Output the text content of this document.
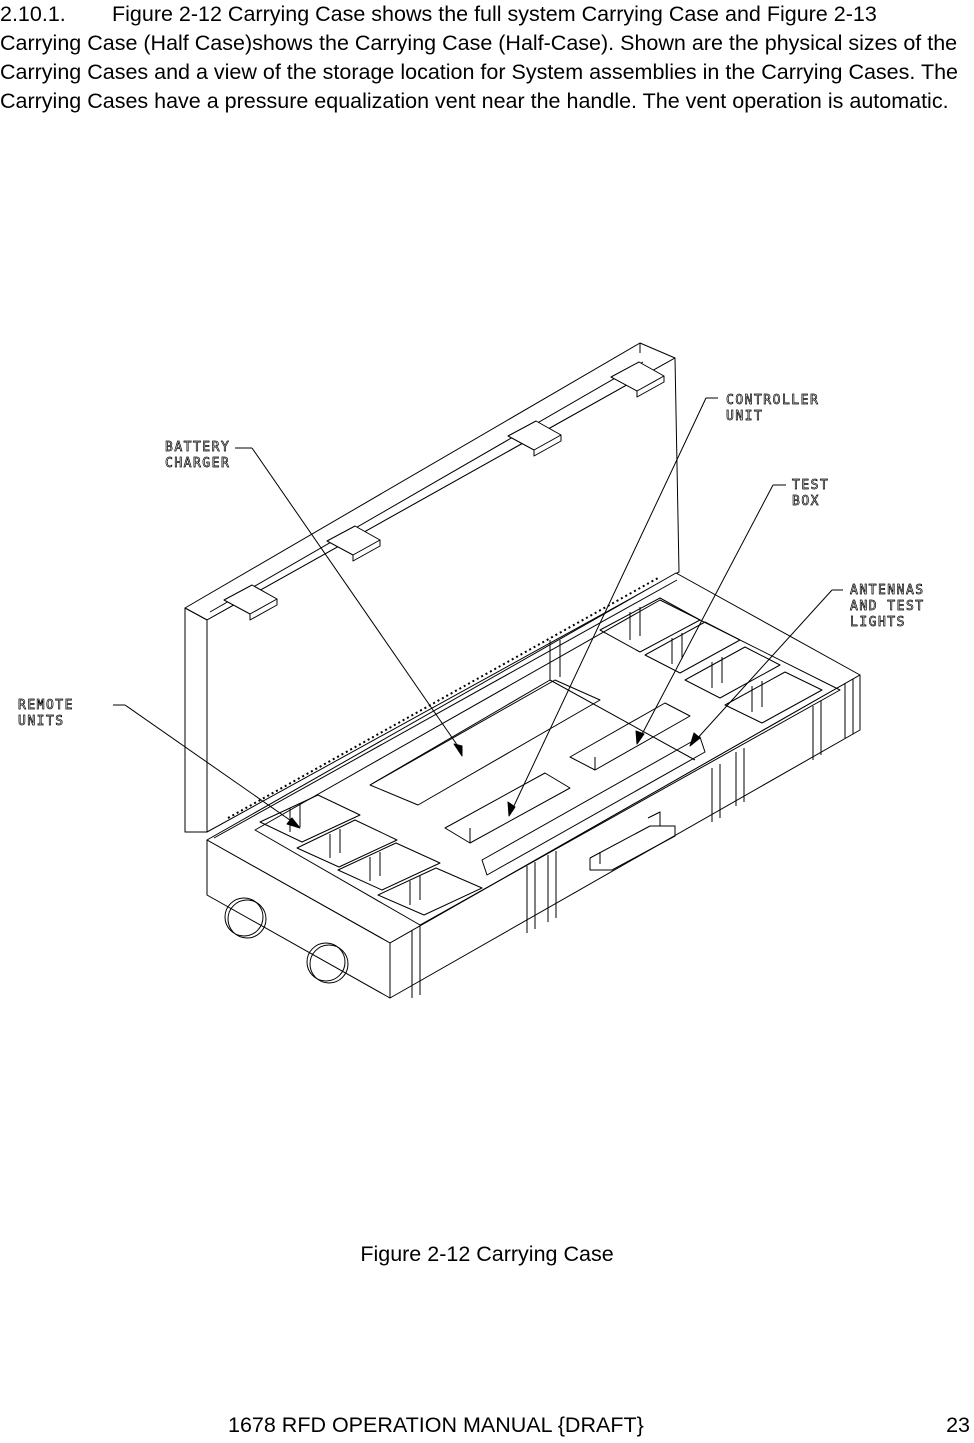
2.10.1. Figure 2-12 Carrying Case shows the full system Carrying Case and Figure 2-13 Carrying Case (Half Case)shows the Carrying Case (Half-Case). Shown are the physical sizes of the Carrying Cases and a view of the storage location for System assemblies in the Carrying Cases. The Carrying Cases have a pressure equalization vent near the handle. The vent operation is automatic.

BATTERY
CHARGER
CONTROLLER
UNIT
TEST
BOX
ANTENNAS
AND TEST
LIGHTS
REMOTE
UNITS
Figure 2-12 Carrying Case
1678 RFD OPERATION MANUAL {DRAFT}	23
